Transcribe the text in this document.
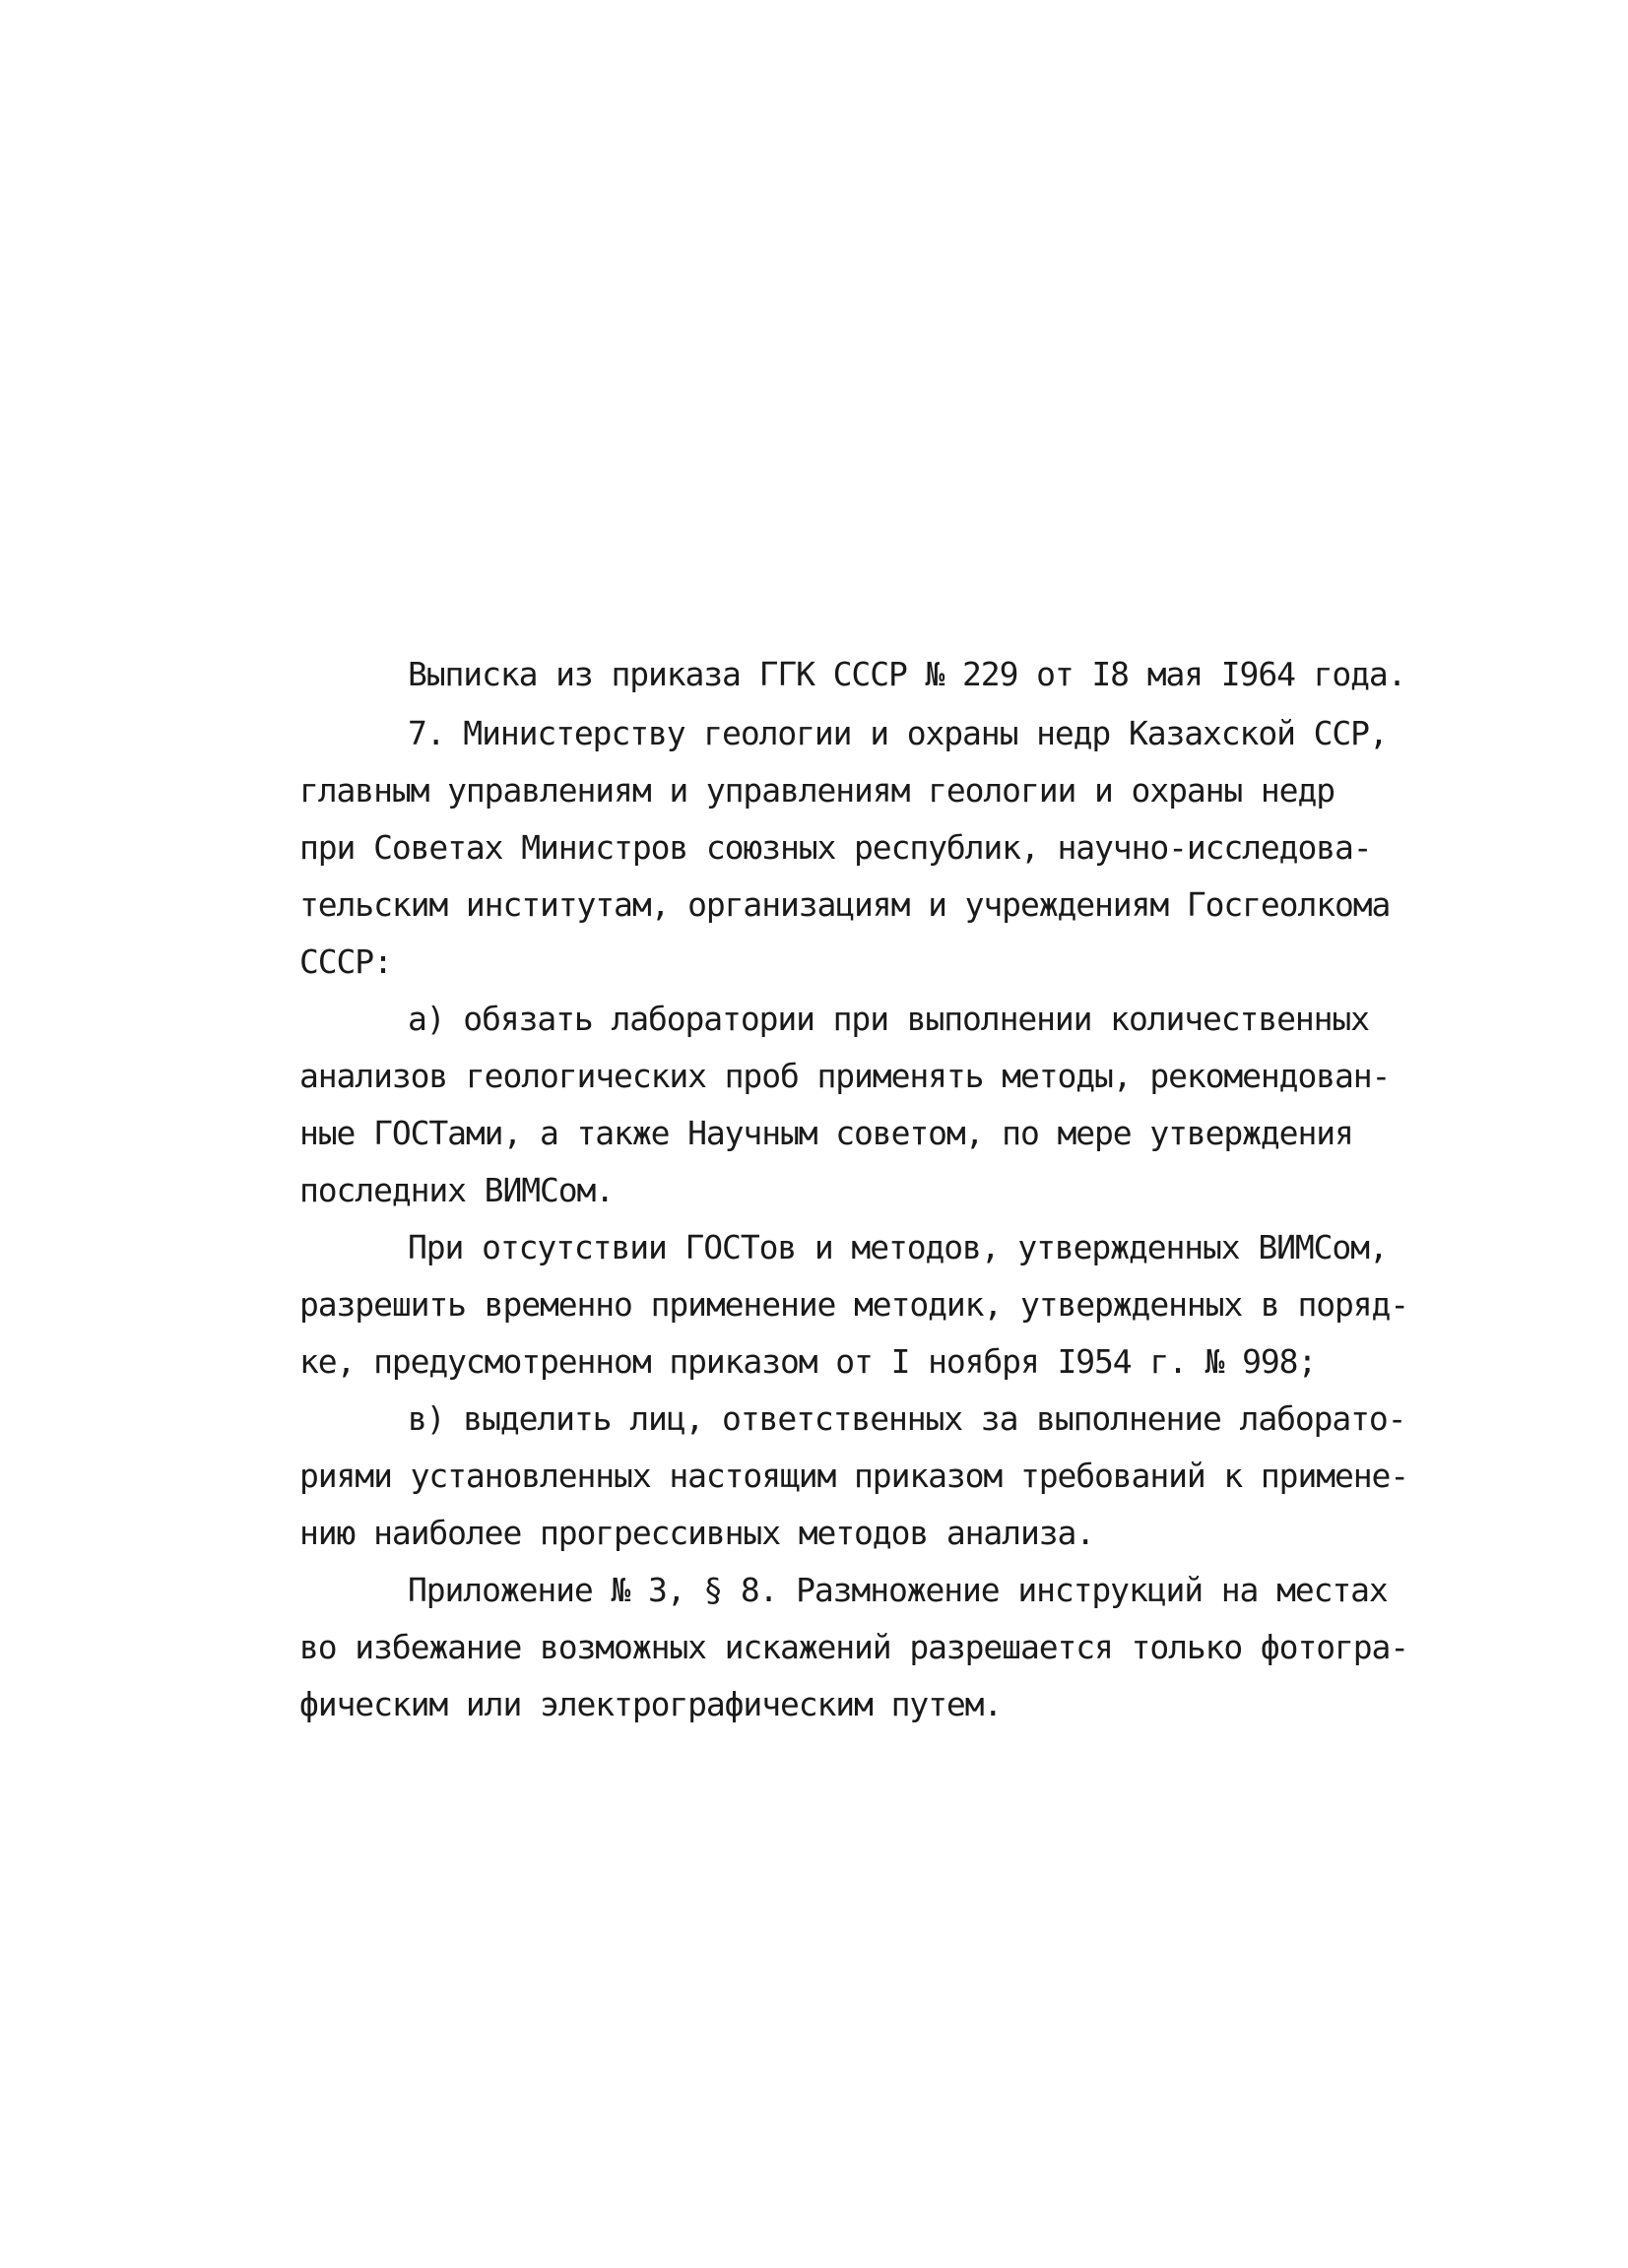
Выписка из приказа ГГК СССР № 229 от I8 мая I964 года.

7. Министерству геологии и охраны недр Казахской ССР,
главным управлениям и управлениям геологии и охраны недр
при Советах Министров союзных республик, научно-исследова-
тельским институтам, организациям и учреждениям Госгеолкома
СССР:

а) обязать лаборатории при выполнении количественных
анализов геологических проб применять методы, рекомендован-
ные ГОСТами, а также Научным советом, по мере утверждения
последних ВИМСом.

При отсутствии ГОСТов и методов, утвержденных ВИМСом,
разрешить временно применение методик, утвержденных в поряд-
ке, предусмотренном приказом от I ноября I954 г. № 998;

в) выделить лиц, ответственных за выполнение лаборато-
риями установленных настоящим приказом требований к примене-
нию наиболее прогрессивных методов анализа.

Приложение № 3, § 8. Размножение инструкций на местах
во избежание возможных искажений разрешается только фотогра-
фическим или электрографическим путем.
